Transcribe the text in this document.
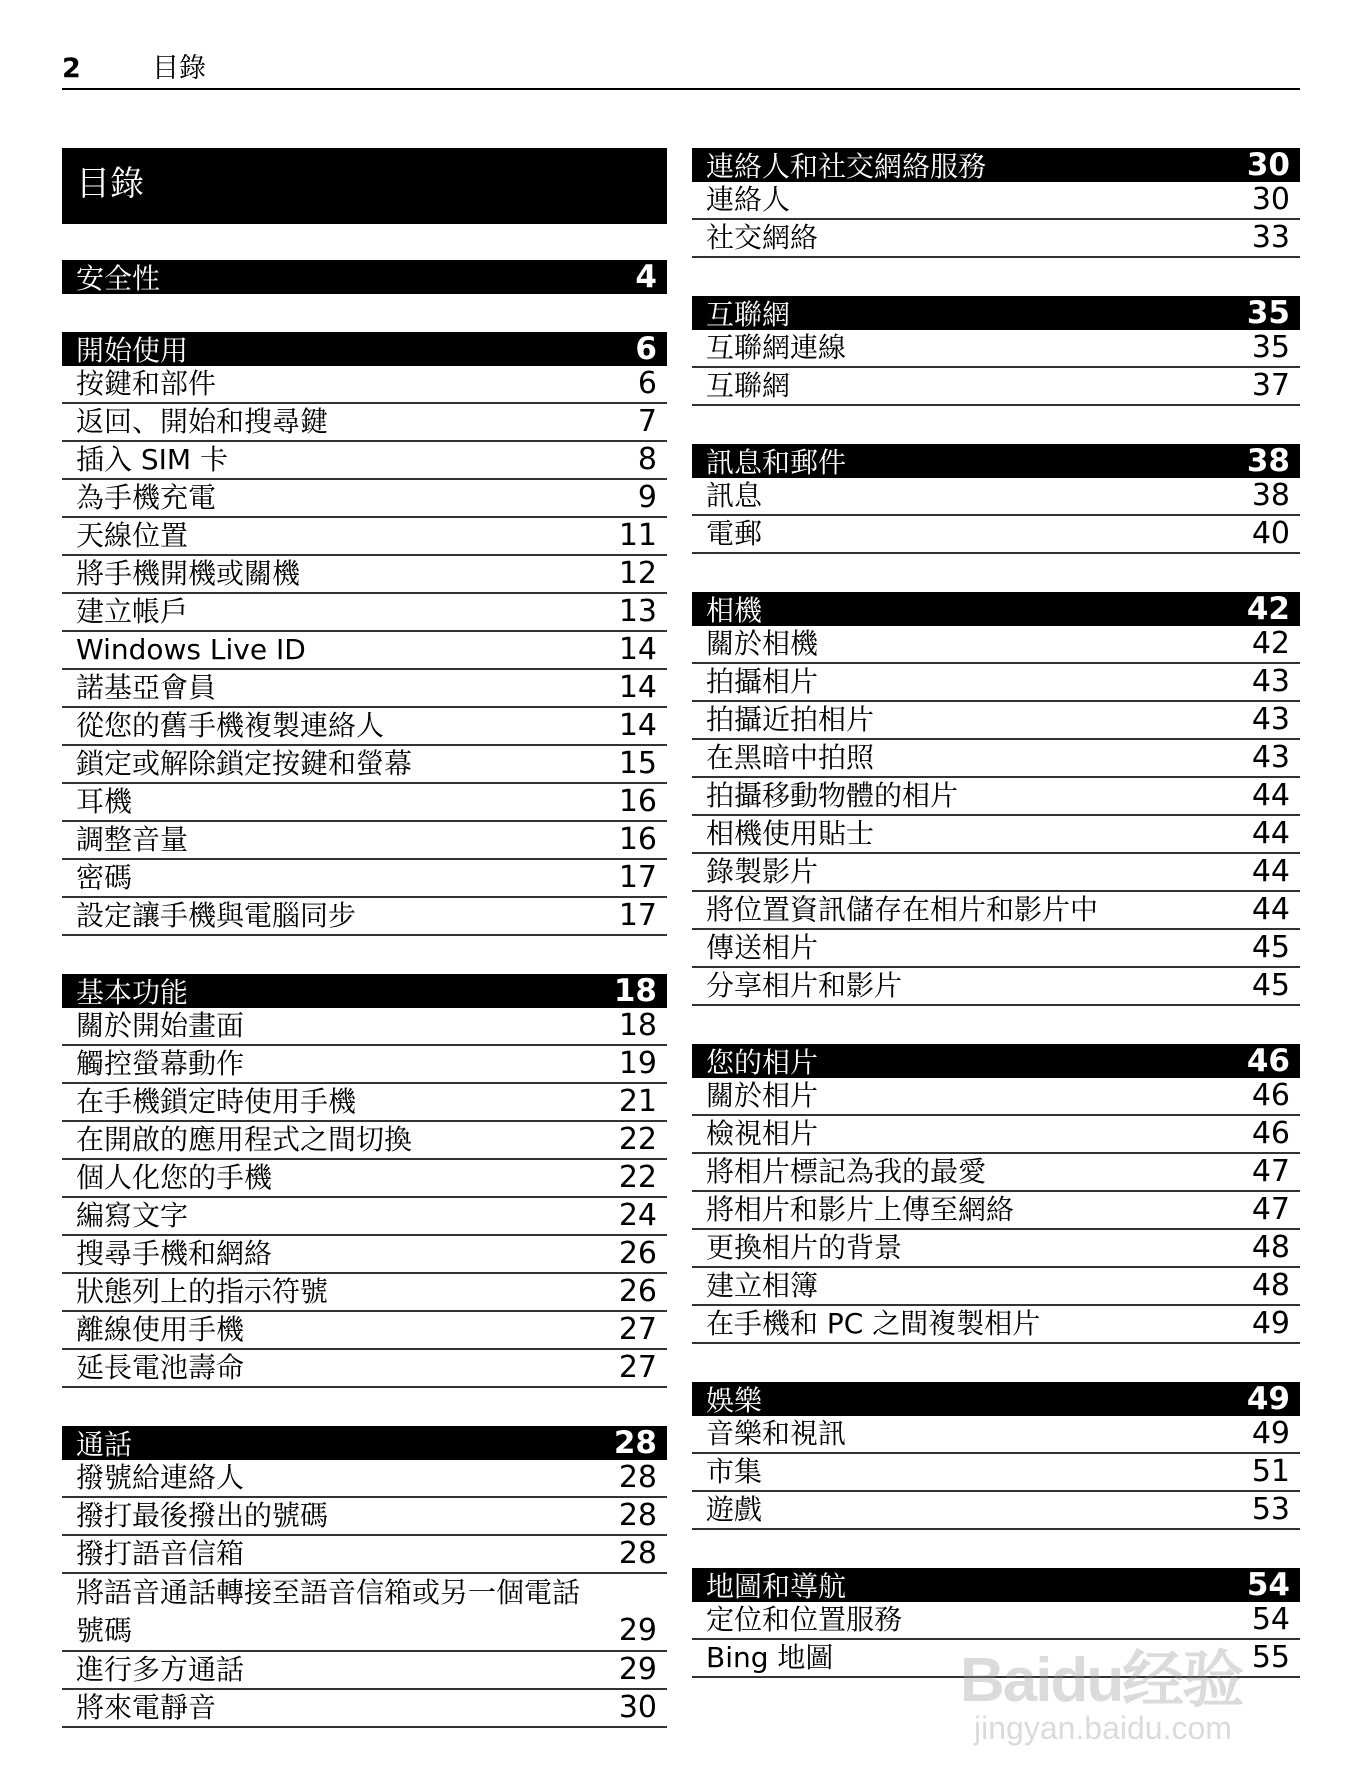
2	目錄
目錄
安全性	4
開始使用	6
按鍵和部件	6
返回、開始和搜尋鍵	7
插入 SIM 卡	8
為手機充電	9
天線位置	11
將手機開機或關機	12
建立帳戶	13
Windows Live ID	14
諾基亞會員	14
從您的舊手機複製連絡人	14
鎖定或解除鎖定按鍵和螢幕	15
耳機	16
調整音量	16
密碼	17
設定讓手機與電腦同步	17
基本功能	18
關於開始畫面	18
觸控螢幕動作	19
在手機鎖定時使用手機	21
在開啟的應用程式之間切換	22
個人化您的手機	22
編寫文字	24
搜尋手機和網絡	26
狀態列上的指示符號	26
離線使用手機	27
延長電池壽命	27
通話	28
撥號給連絡人	28
撥打最後撥出的號碼	28
撥打語音信箱	28
將語音通話轉接至語音信箱或另一個電話號碼	29
進行多方通話	29
將來電靜音	30
連絡人和社交網絡服務	30
連絡人	30
社交網絡	33
互聯網	35
互聯網連線	35
互聯網	37
訊息和郵件	38
訊息	38
電郵	40
相機	42
關於相機	42
拍攝相片	43
拍攝近拍相片	43
在黑暗中拍照	43
拍攝移動物體的相片	44
相機使用貼士	44
錄製影片	44
將位置資訊儲存在相片和影片中	44
傳送相片	45
分享相片和影片	45
您的相片	46
關於相片	46
檢視相片	46
將相片標記為我的最愛	47
將相片和影片上傳至網絡	47
更換相片的背景	48
建立相簿	48
在手機和 PC 之間複製相片	49
娛樂	49
音樂和視訊	49
市集	51
遊戲	53
地圖和導航	54
定位和位置服務	54
Bing 地圖	55
Baidu经验
jingyan.baidu.com
